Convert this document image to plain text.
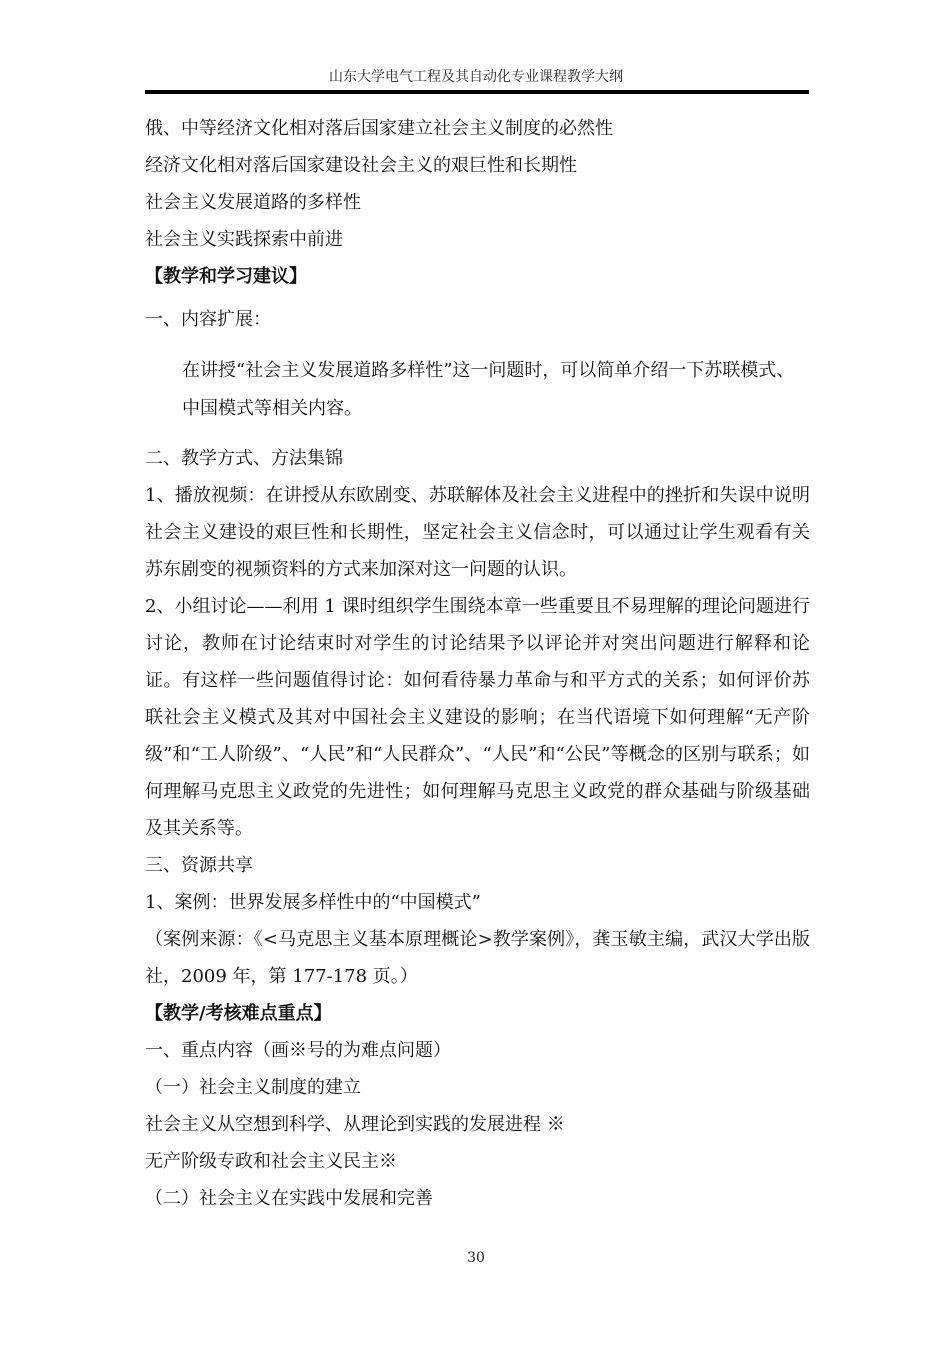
山东大学电气工程及其自动化专业课程教学大纲

俄、中等经济文化相对落后国家建立社会主义制度的必然性

经济文化相对落后国家建设社会主义的艰巨性和长期性

社会主义发展道路的多样性

社会主义实践探索中前进

【教学和学习建议】

一、内容扩展：

在讲授“社会主义发展道路多样性”这一问题时，可以简单介绍一下苏联模式、中国模式等相关内容。

二、教学方式、方法集锦

1、播放视频：在讲授从东欧剧变、苏联解体及社会主义进程中的挫折和失误中说明社会主义建设的艰巨性和长期性，坚定社会主义信念时，可以通过让学生观看有关苏东剧变的视频资料的方式来加深对这一问题的认识。

2、小组讨论——利用 1 课时组织学生围绕本章一些重要且不易理解的理论问题进行讨论，教师在讨论结束时对学生的讨论结果予以评论并对突出问题进行解释和论证。有这样一些问题值得讨论：如何看待暴力革命与和平方式的关系；如何评价苏联社会主义模式及其对中国社会主义建设的影响；在当代语境下如何理解“无产阶级”和“工人阶级”、“人民”和“人民群众”、“人民”和“公民”等概念的区别与联系；如何理解马克思主义政党的先进性；如何理解马克思主义政党的群众基础与阶级基础及其关系等。

三、资源共享

1、案例：世界发展多样性中的“中国模式”

（案例来源：《<马克思主义基本原理概论>教学案例》，龚玉敏主编，武汉大学出版社，2009 年，第 177-178 页。）

【教学/考核难点重点】

一、重点内容（画※号的为难点问题）

（一）社会主义制度的建立

社会主义从空想到科学、从理论到实践的发展进程 ※

无产阶级专政和社会主义民主※

（二）社会主义在实践中发展和完善

30
